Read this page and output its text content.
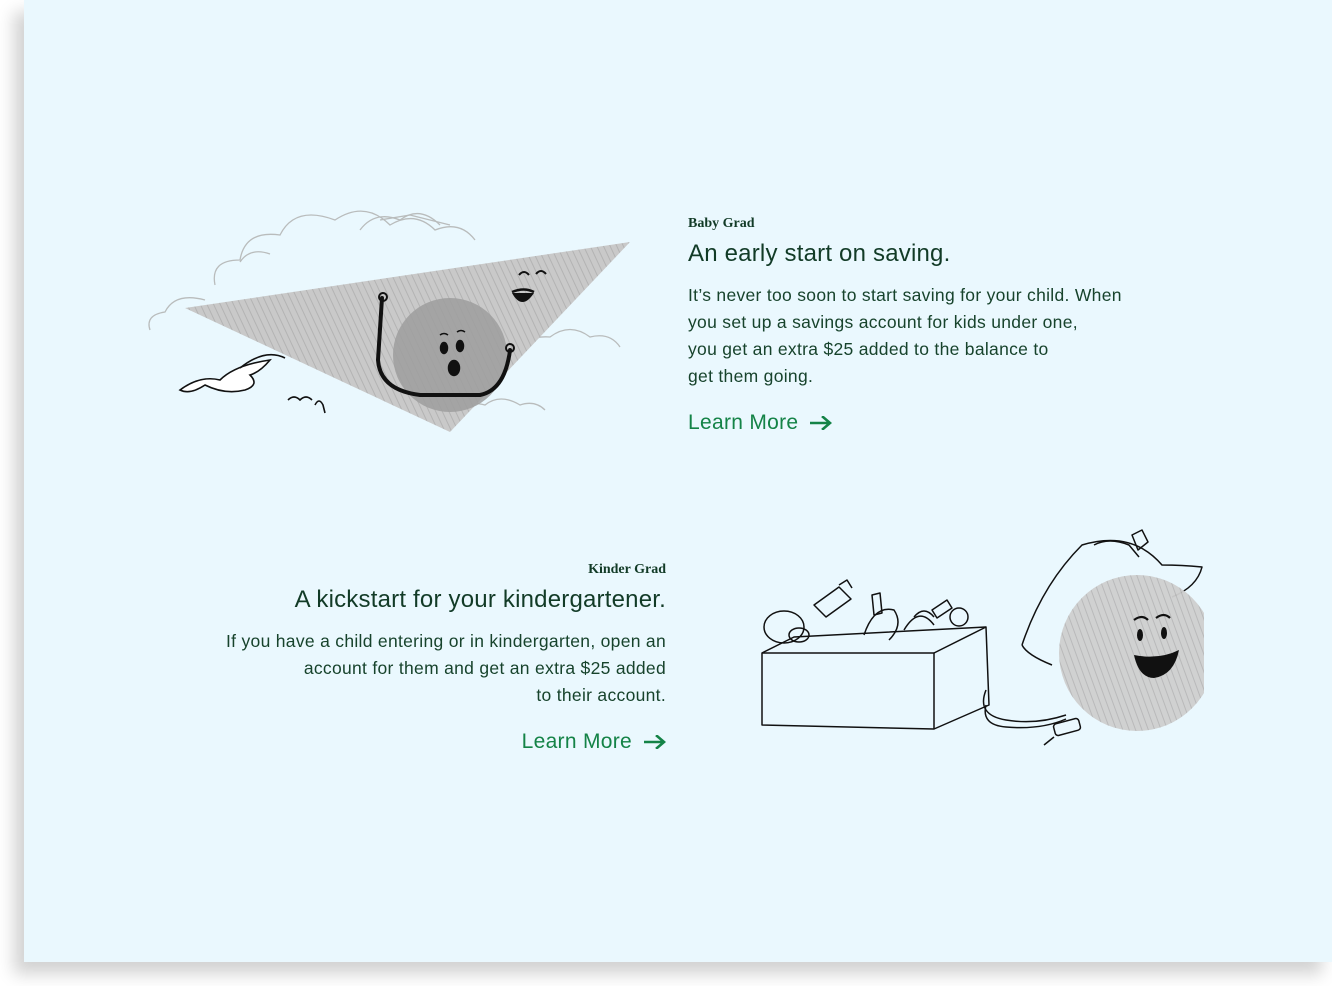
Baby Grad

An early start on saving.

It’s never too soon to start saving for your child. When
you set up a savings account for kids under one,
you get an extra $25 added to the balance to
get them going.

Learn More

Kinder Grad

A kickstart for your kindergartener.

If you have a child entering or in kindergarten, open an
account for them and get an extra $25 added
to their account.

Learn More
